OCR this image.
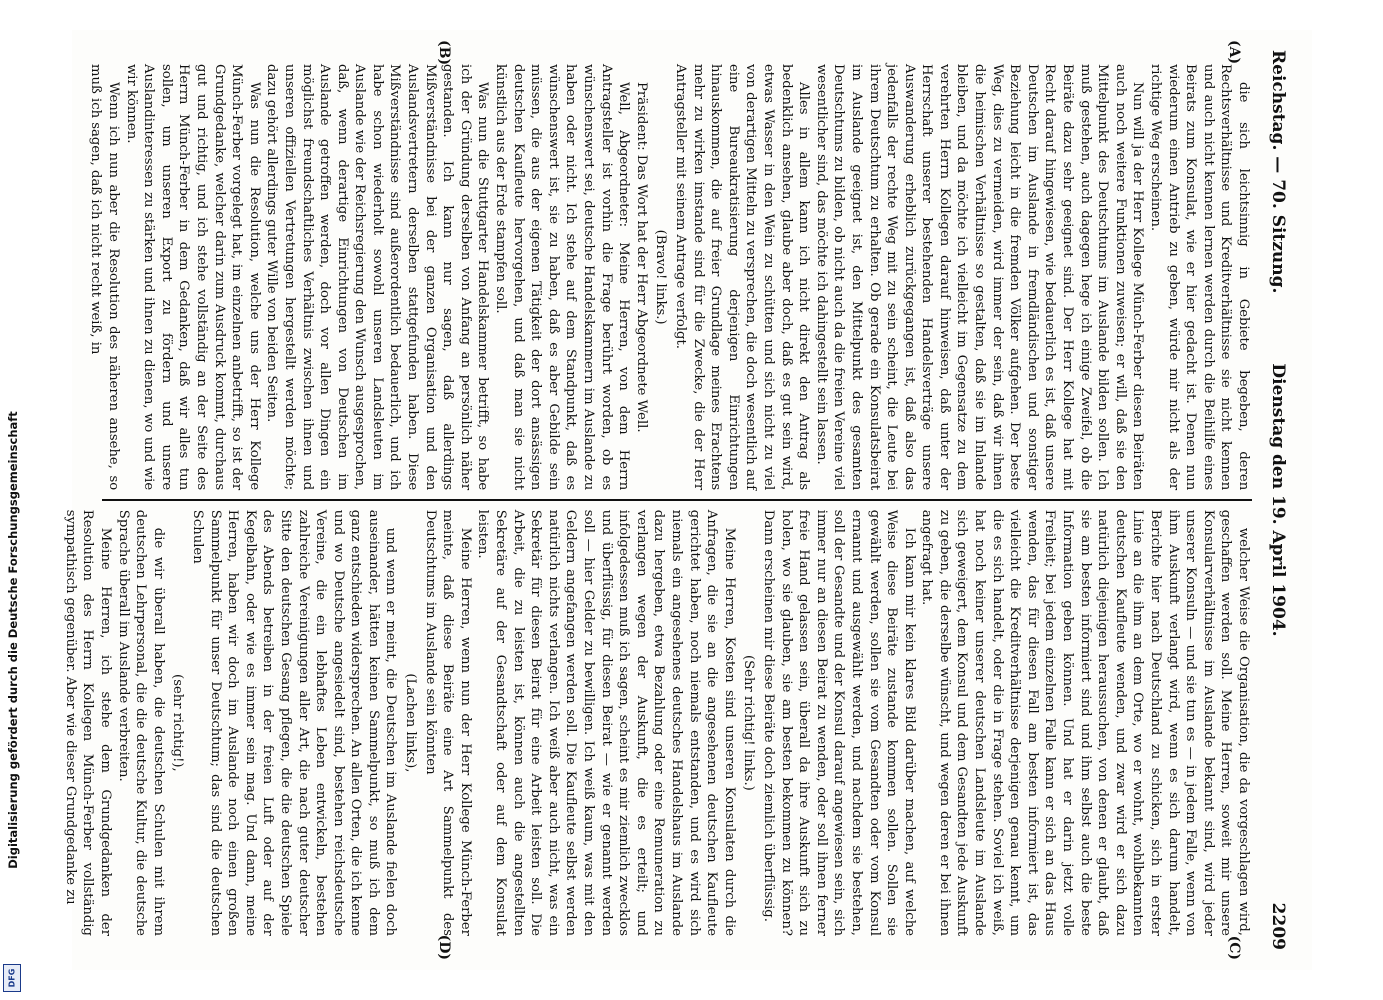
Digitalisierung gefördert durch die Deutsche Forschungsgemeinschaft
DFG
Reichstag. — 70. Sitzung.
Dienstag den 19. April 1904.
2209
(A)
(B)
(C)
(D)

die sich leichtsinnig in Gebiete begeben, deren Rechtsverhältnisse und Kreditverhältnisse sie nicht kennen und auch nicht kennen lernen werden durch die Beihilfe eines Beirats zum Konsulat, wie er hier gedacht ist. Denen nun wiederum einen Antrieb zu geben, würde mir nicht als der richtige Weg erscheinen.

Nun will ja der Herr Kollege Münch-Ferber diesen Beiräten auch noch weitere Funktionen zuweisen; er will, daß sie den Mittelpunkt des Deutschtums im Auslande bilden sollen. Ich muß gestehen, auch dagegen hege ich einige Zweifel, ob die Beiräte dazu sehr geeignet sind. Der Herr Kollege hat mit Recht darauf hingewiesen, wie bedauerlich es ist, daß unsere Deutschen im Auslande in fremdländischen und sonstiger Beziehung leicht in die fremden Völker aufgehen. Der beste Weg, dies zu vermeiden, wird immer der sein, daß wir ihnen die heimischen Verhältnisse so gestalten, daß sie im Inlande bleiben, und da möchte ich vielleicht im Gegensatze zu dem verehrten Herrn Kollegen darauf hinweisen, daß unter der Herrschaft unserer bestehenden Handelsverträge unsere Auswanderung erheblich zurückgegangen ist, daß also das jedenfalls der rechte Weg mit zu sein scheint, die Leute bei ihrem Deutschtum zu erhalten. Ob gerade ein Konsulatsbeirat im Auslande geeignet ist, den Mittelpunkt des gesamten Deutschtums zu bilden, ob nicht auch da die freien Vereine viel wesentlicher sind, das möchte ich dahingestellt sein lassen.

Alles in allem kann ich nicht direkt den Antrag als bedenklich ansehen, glaube aber doch, daß es gut sein wird, etwas Wasser in den Wein zu schütten und sich nicht zu viel von derartigen Mitteln zu versprechen, die doch wesentlich auf eine Bureaukratisierung derjenigen Einrichtungen hinauskommen, die auf freier Grundlage meines Erachtens mehr zu wirken imstande sind für die Zwecke, die der Herr Antragsteller mit seinem Antrage verfolgt.

(Bravo! links.)

Präsident: Das Wort hat der Herr Abgeordnete Well.

Well, Abgeordneter: Meine Herren, von dem Herrn Antragsteller ist vorhin die Frage berührt worden, ob es wünschenswert sei, deutsche Handelskammern im Auslande zu haben oder nicht. Ich stehe auf dem Standpunkt, daß es wünschenswert ist, sie zu haben, daß es aber Gebilde sein müssen, die aus der eigenen Tätigkeit der dort ansässigen deutschen Kaufleute hervorgehen, und daß man sie nicht künstlich aus der Erde stampfen soll.

Was nun die Stuttgarter Handelskammer betrifft, so habe ich der Gründung derselben von Anfang an persönlich näher gestanden. Ich kann nur sagen, daß allerdings Mißverständnisse bei der ganzen Organisation und den Auslandsvertretern derselben stattgefunden haben. Diese Mißverständnisse sind außerordentlich bedauerlich, und ich habe schon wiederholt sowohl unseren Landsleuten im Auslande wie der Reichsregierung den Wunsch ausgesprochen, daß, wenn derartige Einrichtungen von Deutschen im Auslande getroffen werden, doch vor allen Dingen ein möglichst freundschaftliches Verhältnis zwischen ihnen und unseren offiziellen Vertretungen hergestellt werden möchte; dazu gehört allerdings guter Wille von beiden Seiten.

Was nun die Resolution, welche uns der Herr Kollege Münch-Ferber vorgelegt hat, im einzelnen anbetrifft, so ist der Grundgedanke, welcher darin zum Ausdruck kommt, durchaus gut und richtig, und ich stehe vollständig an der Seite des Herrn Münch-Ferber in dem Gedanken, daß wir alles tun sollen, um unseren Export zu fördern und unsere Auslandinteressen zu stärken und ihnen zu dienen, wo und wie wir können.

Wenn ich nun aber die Resolution des näheren ansehe, so muß ich sagen, daß ich nicht recht weiß, in

welcher Weise die Organisation, die da vorgeschlagen wird, geschaffen werden soll. Meine Herren, soweit mir unsere Konsularverhältnisse im Auslande bekannt sind, wird jeder unserer Konsuln — und sie tun es — in jedem Falle, wenn von ihm Auskunft verlangt wird, wenn es sich darum handelt, Berichte hier nach Deutschland zu schicken, sich in erster Linie an die ihm an dem Orte, wo er wohnt, wohlbekannten deutschen Kaufleute wenden, und zwar wird er sich dazu natürlich diejenigen heraussuchen, von denen er glaubt, daß sie am besten informiert sind und ihm selbst auch die beste Information geben können. Und hat er darin jetzt volle Freiheit; bei jedem einzelnen Falle kann er sich an das Haus wenden, das für diesen Fall am besten informiert ist, das vielleicht die Kreditverhältnisse derjenigen genau kennt, um die es sich handelt, oder die in Frage stehen. Soviel ich weiß, hat noch keiner unserer deutschen Landsleute im Auslande sich geweigert, dem Konsul und dem Gesandten jede Auskunft zu geben, die derselbe wünscht, und wegen deren er bei ihnen angefragt hat.

Ich kann mir kein klares Bild darüber machen, auf welche Weise diese Beiräte zustande kommen sollen. Sollen sie gewählt werden, sollen sie vom Gesandten oder vom Konsul ernannt und ausgewählt werden, und nachdem sie bestehen, soll der Gesandte und der Konsul darauf angewiesen sein, sich immer nur an diesen Beirat zu wenden, oder soll ihnen ferner freie Hand gelassen sein, überall da ihre Auskunft sich zu holen, wo sie glauben, sie am besten bekommen zu können? Dann erscheinen mir diese Beiräte doch ziemlich überflüssig.

(Sehr richtig! links.)

Meine Herren, Kosten sind unseren Konsulaten durch die Anfragen, die sie an die angesehenen deutschen Kaufleute gerichtet haben, noch niemals entstanden, und es wird sich niemals ein angesehenes deutsches Handelshaus im Auslande dazu hergeben, etwa Bezahlung oder eine Remuneration zu verlangen wegen der Auskunft, die es erteilt; und infolgedessen muß ich sagen, scheint es mir ziemlich zwecklos und überflüssig, für diesen Beirat — wie er genannt werden soll — hier Gelder zu bewilligen. Ich weiß kaum, was mit den Geldern angefangen werden soll. Die Kaufleute selbst werden natürlich nichts verlangen. Ich weiß aber auch nicht, was ein Sekretär für diesen Beirat für eine Arbeit leisten soll. Die Arbeit, die zu leisten ist, können auch die angestellten Sekretäre auf der Gesandtschaft oder auf dem Konsulat leisten.

Meine Herren, wenn nun der Herr Kollege Münch-Ferber meinte, daß diese Beiräte eine Art Sammelpunkt des Deutschtums im Auslande sein könnten

(Lachen links),

und wenn er meint, die Deutschen im Auslande fielen doch auseinander, hätten keinen Sammelpunkt, so muß ich dem ganz entschieden widersprechen. An allen Orten, die ich kenne und wo Deutsche angesiedelt sind, bestehen reichsdeutsche Vereine, die ein lebhaftes Leben entwickeln, bestehen zahlreiche Vereinigungen aller Art, die nach guter deutscher Sitte den deutschen Gesang pflegen, die die deutschen Spiele des Abends betreiben in der freien Luft oder auf der Kegelbahn, oder wie es immer sein mag. Und dann, meine Herren, haben wir doch im Auslande noch einen großen Sammelpunkt für unser Deutschtum; das sind die deutschen Schulen

(sehr richtig!),

die wir überall haben, die deutschen Schulen mit ihrem deutschen Lehrpersonal, die die deutsche Kultur, die deutsche Sprache überall im Auslande verbreiten.

Meine Herren, ich stehe dem Grundgedanken der Resolution des Herrn Kollegen Münch-Ferber vollständig sympathisch gegenüber. Aber wie dieser Grundgedanke zu
